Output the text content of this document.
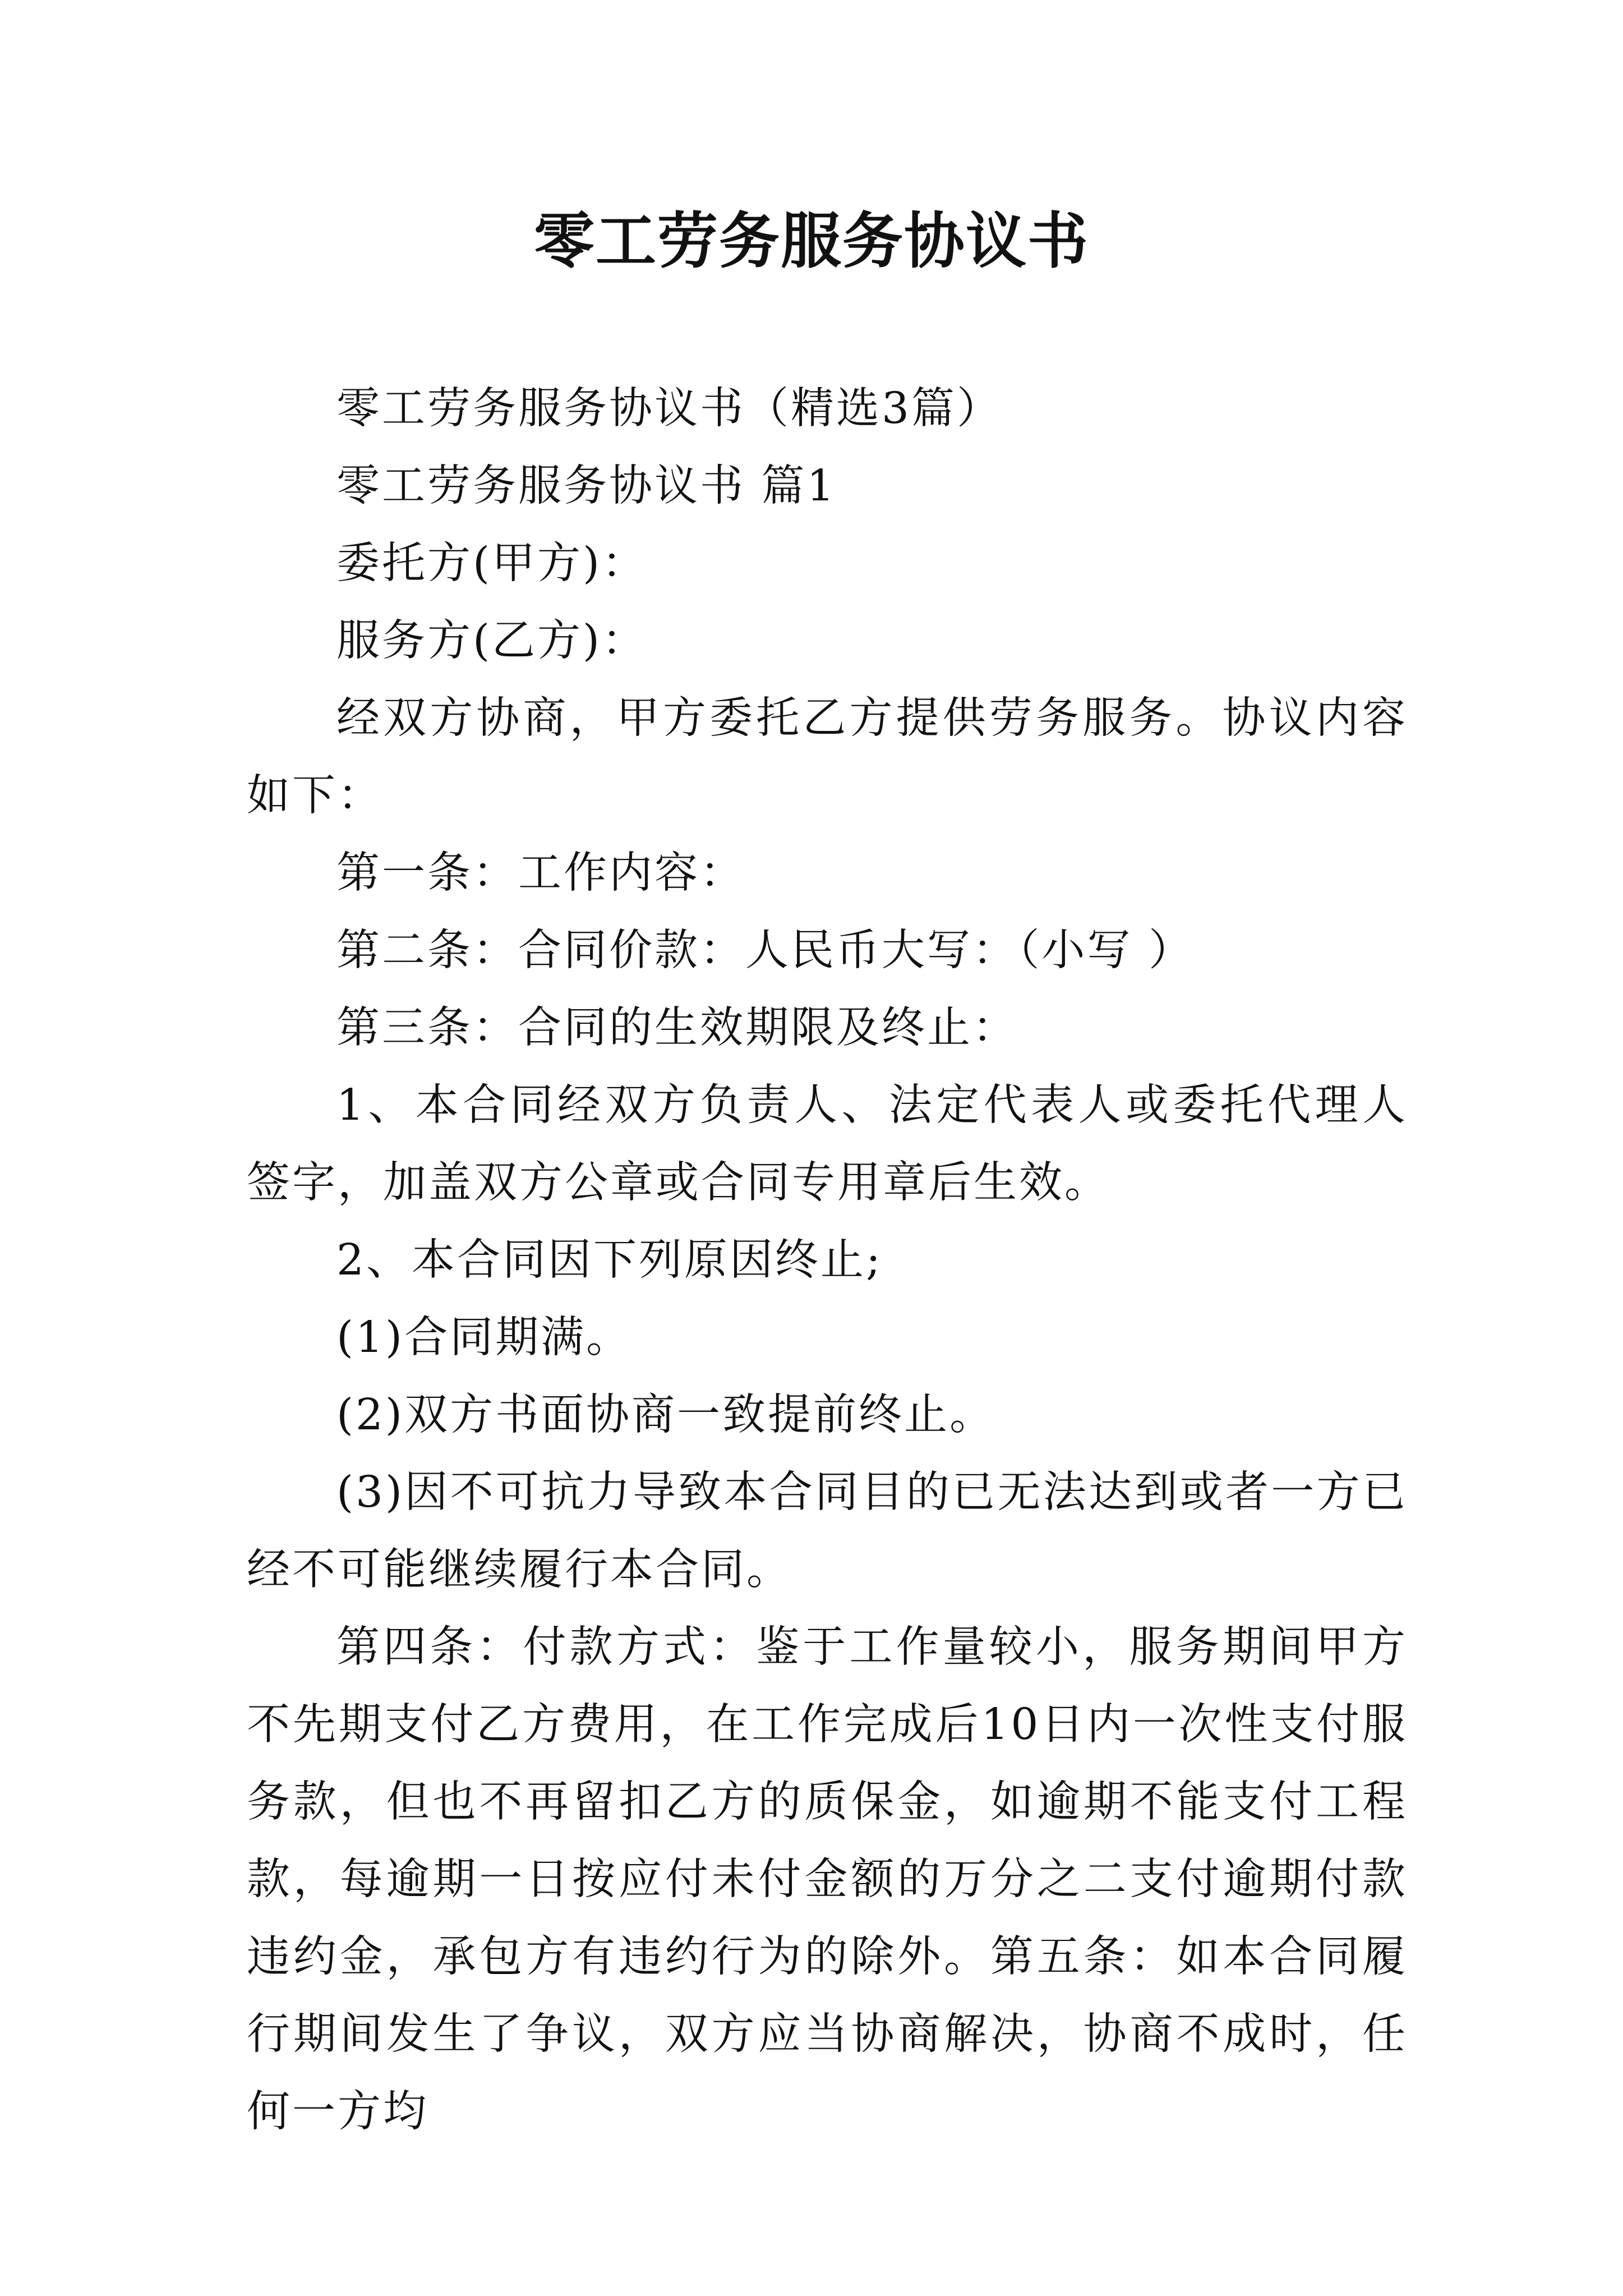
零工劳务服务协议书

零工劳务服务协议书（精选3篇）

零工劳务服务协议书 篇1

委托方(甲方)：

服务方(乙方)：

经双方协商，甲方委托乙方提供劳务服务。协议内容如下：

第一条：工作内容：

第二条：合同价款：人民币大写：（小写 ）

第三条：合同的生效期限及终止：

1、本合同经双方负责人、法定代表人或委托代理人签字，加盖双方公章或合同专用章后生效。

2、本合同因下列原因终止;

(1)合同期满。

(2)双方书面协商一致提前终止。

(3)因不可抗力导致本合同目的已无法达到或者一方已经不可能继续履行本合同。

第四条：付款方式：鉴于工作量较小，服务期间甲方不先期支付乙方费用，在工作完成后10日内一次性支付服务款，但也不再留扣乙方的质保金，如逾期不能支付工程款，每逾期一日按应付未付金额的万分之二支付逾期付款违约金，承包方有违约行为的除外。第五条：如本合同履行期间发生了争议，双方应当协商解决，协商不成时，任何一方均
